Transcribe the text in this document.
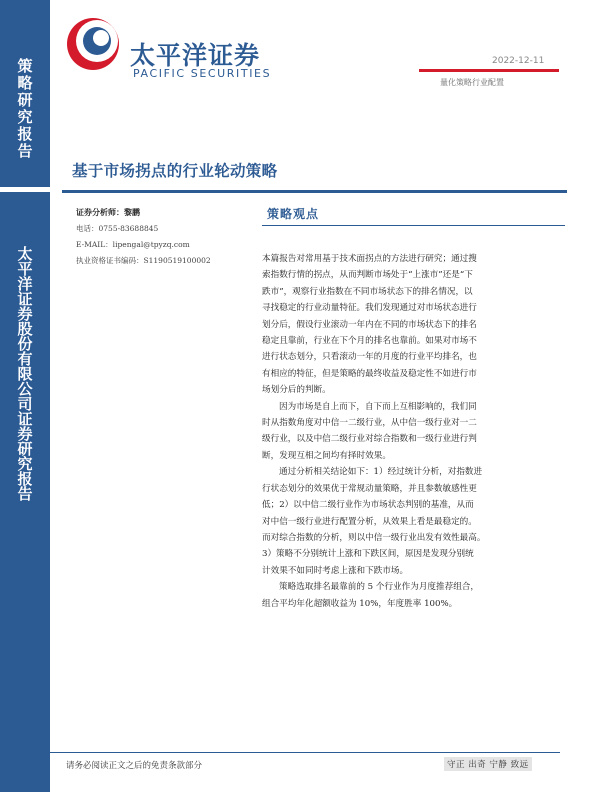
策略研究报告
太平洋证券股份有限公司证券研究报告
太平洋证券
PACIFIC SECURITIES
2022-12-11
量化策略行业配置
基于市场拐点的行业轮动策略
证券分析师：黎鹏
电话：0755-83688845
E-MAIL：lipengal@tpyzq.com
执业资格证书编码：S1190519100002
策略观点
本篇报告对常用基于技术面拐点的方法进行研究；通过搜
索指数行情的拐点，从而判断市场处于“上涨市”还是“下
跌市”，观察行业指数在不同市场状态下的排名情况，以
寻找稳定的行业动量特征。我们发现通过对市场状态进行
划分后，假设行业滚动一年内在不同的市场状态下的排名
稳定且靠前，行业在下个月的排名也靠前。如果对市场不
进行状态划分，只看滚动一年的月度的行业平均排名，也
有相应的特征，但是策略的最终收益及稳定性不如进行市
场划分后的判断。
因为市场是自上而下，自下而上互相影响的，我们同
时从指数角度对中信一二级行业，从中信一级行业对一二
级行业，以及中信二级行业对综合指数和一级行业进行判
断，发现互相之间均有择时效果。
通过分析相关结论如下：1）经过统计分析，对指数进
行状态划分的效果优于常规动量策略，并且参数敏感性更
低；2）以中信二级行业作为市场状态判别的基准，从而
对中信一级行业进行配置分析，从效果上看是最稳定的。
而对综合指数的分析，则以中信一级行业出发有效性最高。
3）策略不分别统计上涨和下跌区间，原因是发现分别统
计效果不如同时考虑上涨和下跌市场。
策略选取排名最靠前的 5 个行业作为月度推荐组合，
组合平均年化超额收益为 10%，年度胜率 100%。
请务必阅读正文之后的免责条款部分	守正 出奇 宁静 致远
